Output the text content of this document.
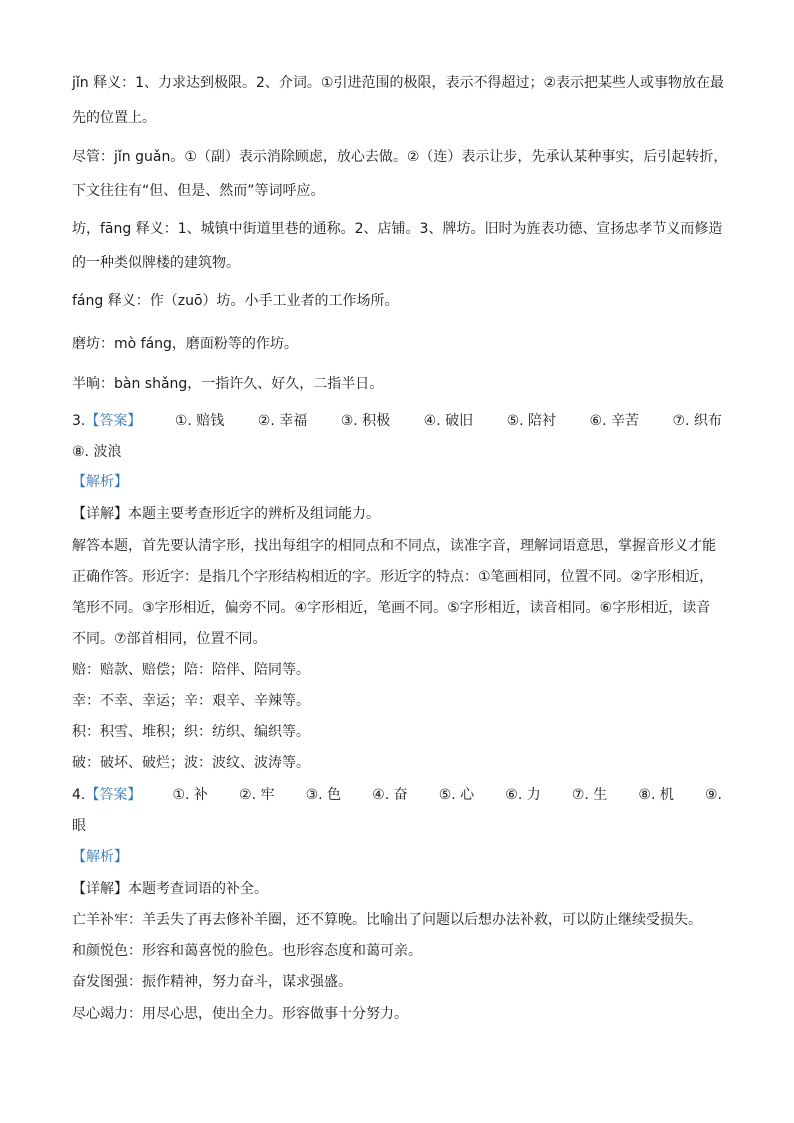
jǐn 释义：1、力求达到极限。2、介词。①引进范围的极限，表示不得超过；②表示把某些人或事物放在最
先的位置上。
尽管：jǐn guǎn。①（副）表示消除顾虑，放心去做。②（连）表示让步，先承认某种事实，后引起转折，
下文往往有“但、但是、然而”等词呼应。
坊，fāng 释义：1、城镇中街道里巷的通称。2、店铺。3、牌坊。旧时为旌表功德、宣扬忠孝节义而修造
的一种类似牌楼的建筑物。
fáng 释义：作（zuō）坊。小手工业者的工作场所。
磨坊：mò fáng，磨面粉等的作坊。
半晌：bàn shǎng，一指许久、好久，二指半日。
3.【答案】 ①. 赔钱 ②. 幸福 ③. 积极 ④. 破旧 ⑤. 陪衬 ⑥. 辛苦 ⑦. 织布
⑧. 波浪
【解析】
【详解】本题主要考查形近字的辨析及组词能力。
解答本题，首先要认清字形，找出每组字的相同点和不同点，读准字音，理解词语意思，掌握音形义才能
正确作答。形近字：是指几个字形结构相近的字。形近字的特点：①笔画相同，位置不同。②字形相近，
笔形不同。③字形相近，偏旁不同。④字形相近，笔画不同。⑤字形相近，读音相同。⑥字形相近，读音
不同。⑦部首相同，位置不同。
赔：赔款、赔偿；陪：陪伴、陪同等。
幸：不幸、幸运；辛：艰辛、辛辣等。
积：积雪、堆积；织：纺织、编织等。
破：破坏、破烂；波：波纹、波涛等。
4.【答案】 ①. 补 ②. 牢 ③. 色 ④. 奋 ⑤. 心 ⑥. 力 ⑦. 生 ⑧. 机 ⑨.
眼
【解析】
【详解】本题考查词语的补全。
亡羊补牢：羊丢失了再去修补羊圈，还不算晚。比喻出了问题以后想办法补救，可以防止继续受损失。
和颜悦色：形容和蔼喜悦的脸色。也形容态度和蔼可亲。
奋发图强：振作精神，努力奋斗，谋求强盛。
尽心竭力：用尽心思，使出全力。形容做事十分努力。
